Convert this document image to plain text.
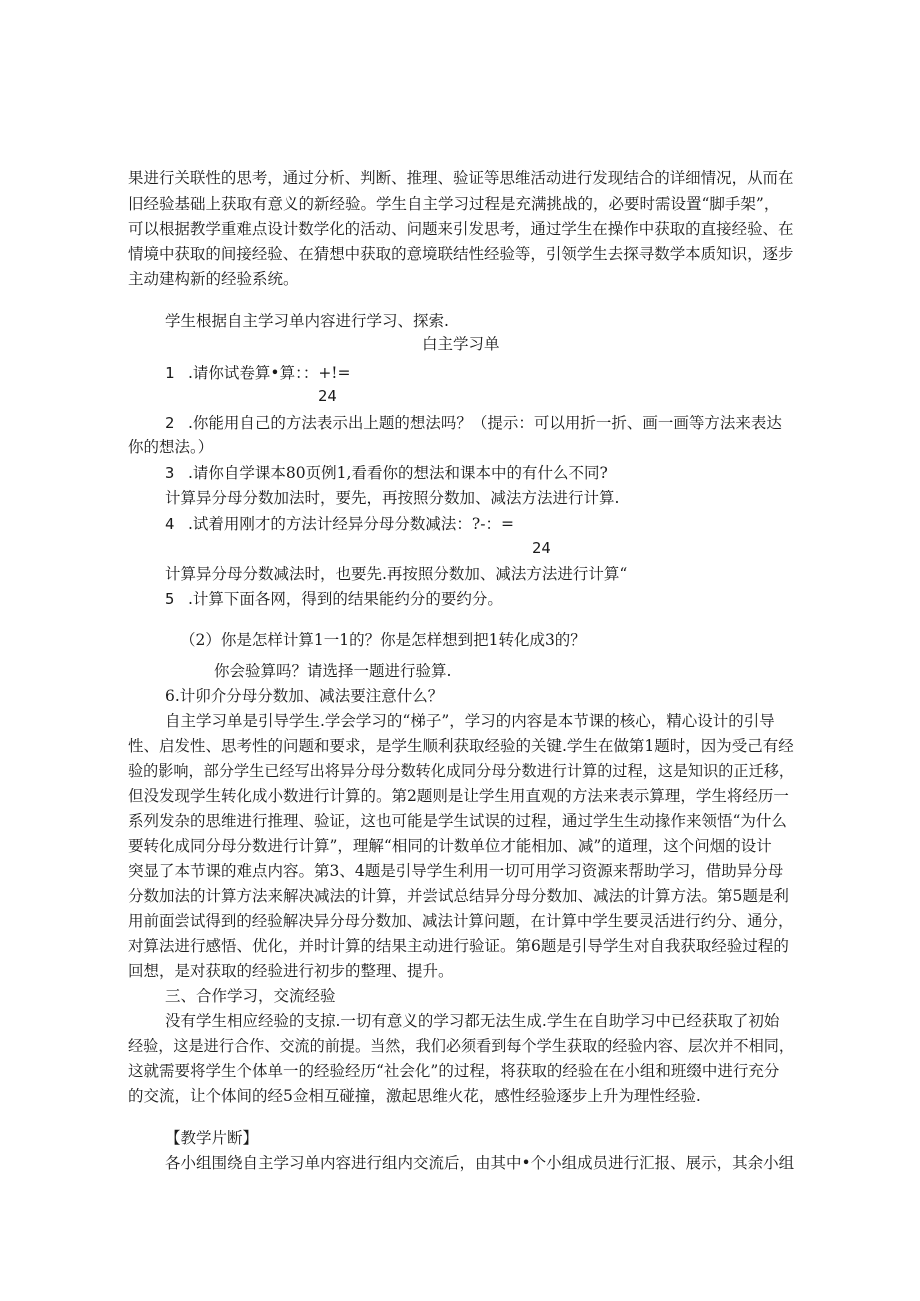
果进行关联性的思考，通过分析、判断、推理、验证等思维活动进行发现结合的详细情况，从而在
旧经验基础上获取有意义的新经验。学生自主学习过程是充满挑战的，必要时需设置“脚手架”，
可以根据教学重难点设计数学化的活动、问题来引发思考，通过学生在操作中获取的直接经验、在
情境中获取的间接经验、在猜想中获取的意境联结性经验等，引领学生去探寻数学本质知识，逐步
主动建构新的经验系统。
学生根据自主学习单内容进行学习、探索.
白主学习单
1 .请你试卷算•算：：+!=
24
2 .你能用自己的方法表示出上题的想法吗？（提示：可以用折一折、画一画等方法来表达
你的想法。）
3 .请你自学课本80页例1,看看你的想法和课本中的有什么不同?
计算异分母分数加法时，要先，再按照分数加、减法方法进行计算.
4 .试着用刚才的方法计经异分母分数减法：?-：=
24
计算异分母分数减法时，也要先.再按照分数加、减法方法进行计算“
5 .计算下面各网，得到的结果能约分的要约分。
（2）你是怎样计算1一1的？你是怎样想到把1转化成3的？
你会验算吗？请选择一题进行验算.
6.计卯介分母分数加、减法要注意什么？
自主学习单是引导学生.学会学习的“梯子”，学习的内容是本节课的核心，精心设计的引导
性、启发性、思考性的问题和要求，是学生顺利获取经验的关键.学生在做第1题时，因为受己有经
验的影响，部分学生已经写出将异分母分数转化成同分母分数进行计算的过程，这是知识的正迁移，
但没发现学生转化成小数进行计算的。第2题则是让学生用直观的方法来表示算理，学生将经历一
系列发杂的思维进行推理、验证，这也可能是学生试误的过程，通过学生生动掾作来领悟“为什么
要转化成同分母分数进行计算”，理解“相同的计数单位才能相加、减”的道理，这个问烟的设计
突显了本节课的难点内容。第3、4题是引导学生利用一切可用学习资源来帮助学习，借助异分母
分数加法的计算方法来解决减法的计算，并尝试总结异分母分数加、减法的计算方法。第5题是利
用前面尝试得到的经验解决异分母分数加、减法计算问题，在计算中学生要灵活进行约分、通分，
对算法进行感悟、优化，并时计算的结果主动进行验证。第6题是引导学生对自我获取经验过程的
回想，是对获取的经验进行初步的整理、提升。
三、合作学习，交流经验
没有学生相应经验的支掠.一切有意义的学习都无法生成.学生在自助学习中已经获取了初始
经验，这是进行合作、交流的前提。当然，我们必须看到每个学生获取的经验内容、层次并不相同，
这就需要将学生个体单一的经验经历“社会化”的过程，将获取的经验在在小组和班缀中进行充分
的交流，让个体间的经5佥相互碰撞，激起思维火花，感性经验逐步上升为理性经验.
【教学片断】
各小组围绕自主学习单内容进行组内交流后，由其中•个小组成员进行汇报、展示，其余小组
